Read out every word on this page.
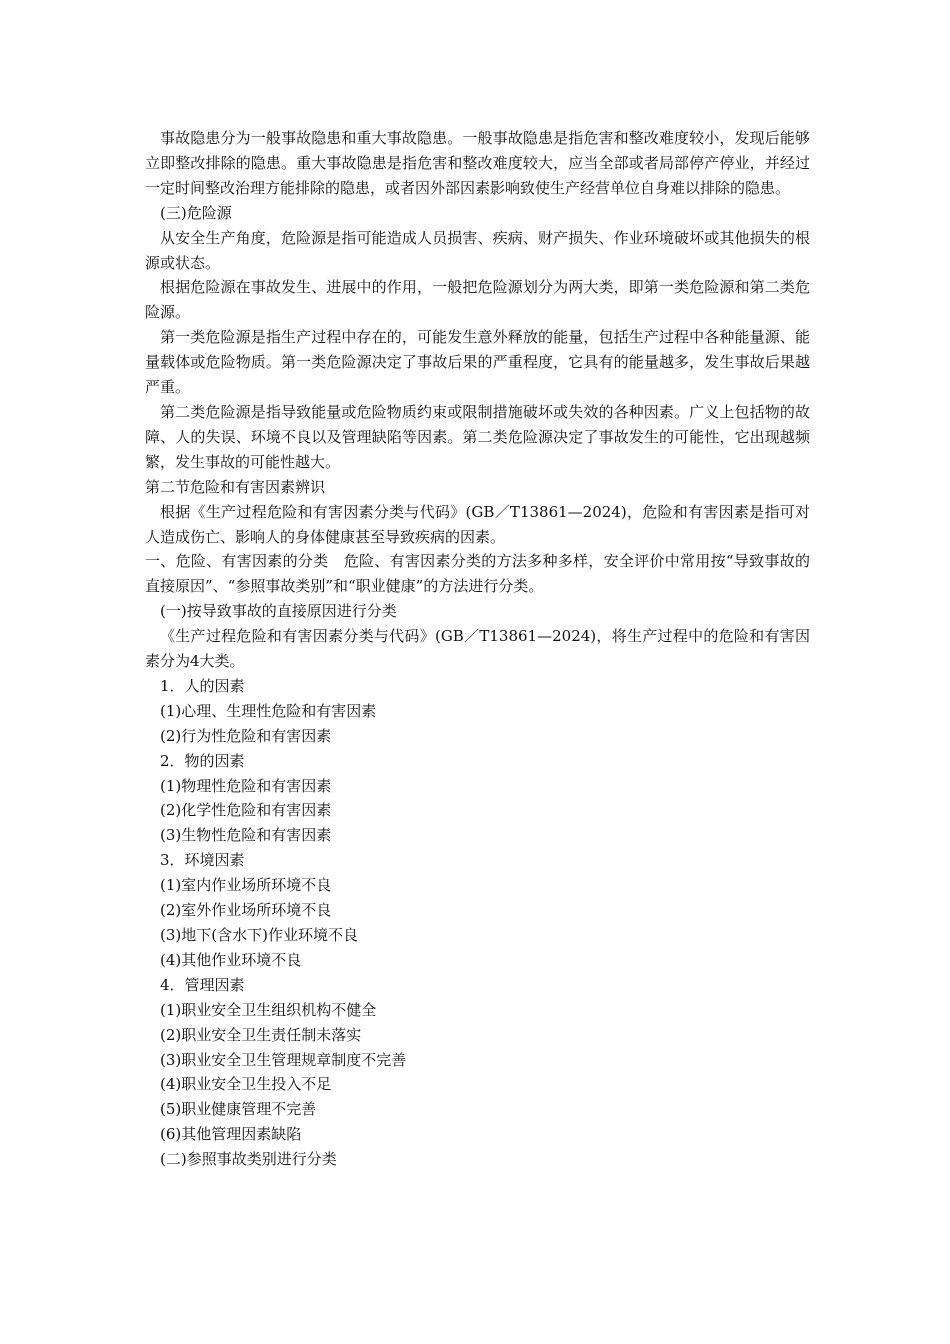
事故隐患分为一般事故隐患和重大事故隐患。一般事故隐患是指危害和整改难度较小，发现后能够立即整改排除的隐患。重大事故隐患是指危害和整改难度较大，应当全部或者局部停产停业，并经过一定时间整改治理方能排除的隐患，或者因外部因素影响致使生产经营单位自身难以排除的隐患。

(三)危险源

从安全生产角度，危险源是指可能造成人员损害、疾病、财产损失、作业环境破坏或其他损失的根源或状态。

根据危险源在事故发生、进展中的作用，一般把危险源划分为两大类，即第一类危险源和第二类危险源。

第一类危险源是指生产过程中存在的，可能发生意外释放的能量，包括生产过程中各种能量源、能量载体或危险物质。第一类危险源决定了事故后果的严重程度，它具有的能量越多，发生事故后果越严重。

第二类危险源是指导致能量或危险物质约束或限制措施破坏或失效的各种因素。广义上包括物的故障、人的失误、环境不良以及管理缺陷等因素。第二类危险源决定了事故发生的可能性，它出现越频繁，发生事故的可能性越大。

第二节危险和有害因素辨识

根据《生产过程危险和有害因素分类与代码》(GB／T13861—2024)，危险和有害因素是指可对人造成伤亡、影响人的身体健康甚至导致疾病的因素。

一、危险、有害因素的分类　危险、有害因素分类的方法多种多样，安全评价中常用按“导致事故的直接原因”、“参照事故类别”和“职业健康”的方法进行分类。

(一)按导致事故的直接原因进行分类

《生产过程危险和有害因素分类与代码》(GB／T13861—2024)，将生产过程中的危险和有害因素分为4大类。

1．人的因素

(1)心理、生理性危险和有害因素

(2)行为性危险和有害因素

2．物的因素

(1)物理性危险和有害因素

(2)化学性危险和有害因素

(3)生物性危险和有害因素

3．环境因素

(1)室内作业场所环境不良

(2)室外作业场所环境不良

(3)地下(含水下)作业环境不良

(4)其他作业环境不良

4．管理因素

(1)职业安全卫生组织机构不健全

(2)职业安全卫生责任制未落实

(3)职业安全卫生管理规章制度不完善

(4)职业安全卫生投入不足

(5)职业健康管理不完善

(6)其他管理因素缺陷

(二)参照事故类别进行分类
